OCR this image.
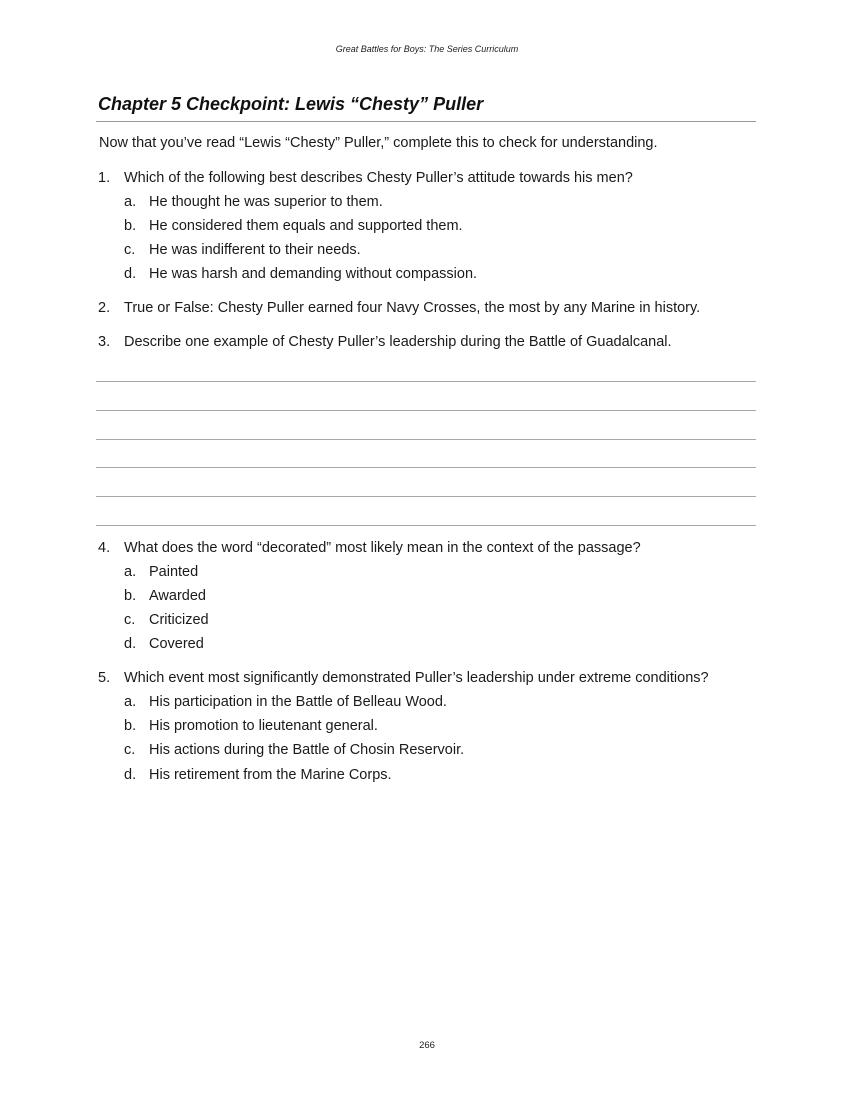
Great Battles for Boys: The Series Curriculum
Chapter 5 Checkpoint: Lewis “Chesty” Puller
Now that you’ve read “Lewis “Chesty” Puller,” complete this to check for understanding.
1. Which of the following best describes Chesty Puller’s attitude towards his men?
a. He thought he was superior to them.
b. He considered them equals and supported them.
c. He was indifferent to their needs.
d. He was harsh and demanding without compassion.
2. True or False: Chesty Puller earned four Navy Crosses, the most by any Marine in history.
3. Describe one example of Chesty Puller’s leadership during the Battle of Guadalcanal.
4. What does the word “decorated” most likely mean in the context of the passage?
a. Painted
b. Awarded
c. Criticized
d. Covered
5. Which event most significantly demonstrated Puller’s leadership under extreme conditions?
a. His participation in the Battle of Belleau Wood.
b. His promotion to lieutenant general.
c. His actions during the Battle of Chosin Reservoir.
d. His retirement from the Marine Corps.
266
